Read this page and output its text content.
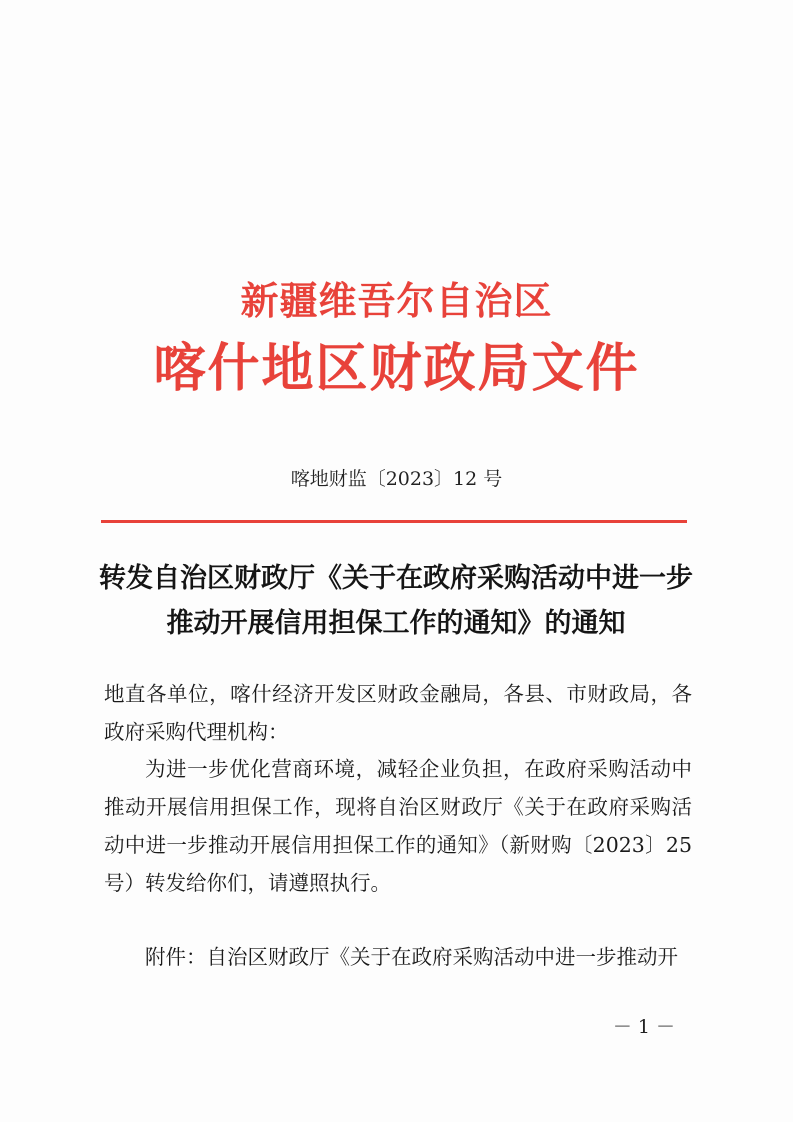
新疆维吾尔自治区
喀什地区财政局文件
喀地财监〔2023〕12 号
转发自治区财政厅《关于在政府采购活动中进一步推动开展信用担保工作的通知》的通知
地直各单位，喀什经济开发区财政金融局，各县、市财政局，各政府采购代理机构：
为进一步优化营商环境，减轻企业负担，在政府采购活动中推动开展信用担保工作，现将自治区财政厅《关于在政府采购活动中进一步推动开展信用担保工作的通知》（新财购〔2023〕25 号）转发给你们，请遵照执行。
附件：自治区财政厅《关于在政府采购活动中进一步推动开
－ 1 －
